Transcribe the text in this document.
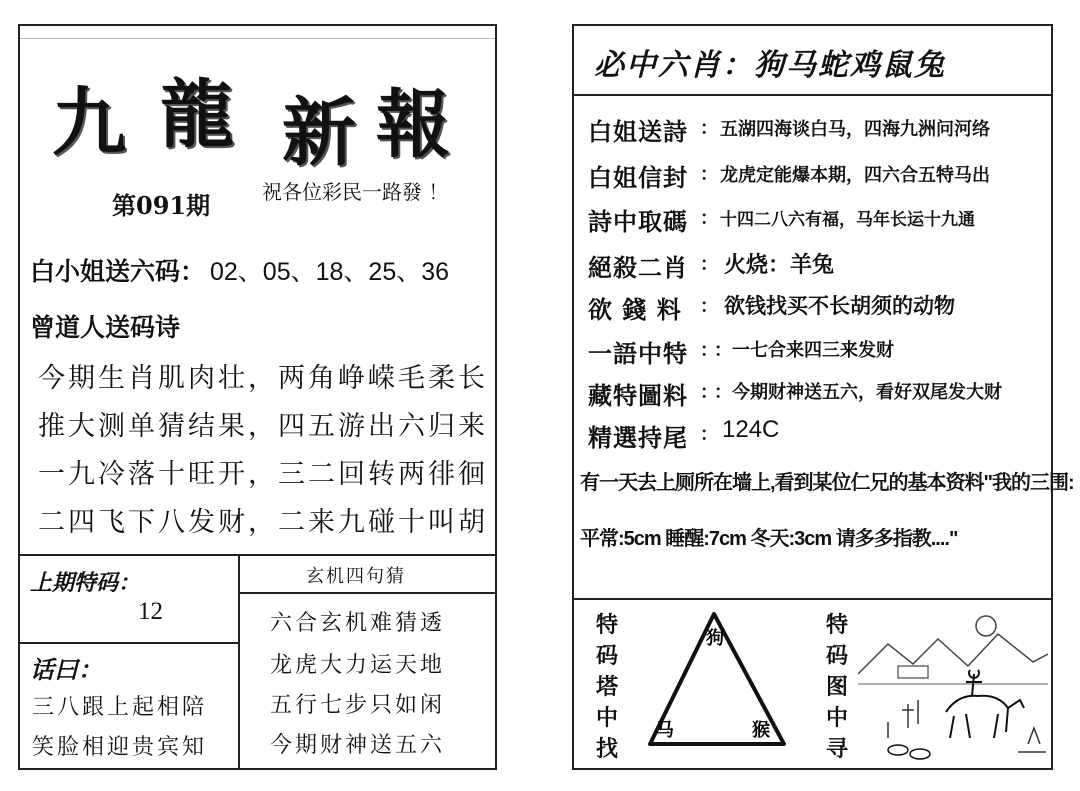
九 龍 新 報
第091期	祝各位彩民一路發 ！
白小姐送六码： 02、05、18、25、36
曾道人送码诗
今期生肖肌肉壮，两角峥嵘毛柔长
推大测单猜结果，四五游出六归来
一九冷落十旺开，三二回转两徘徊
二四飞下八发财，二来九碰十叫胡
上期特码：
12
话曰：
三八跟上起相陪
笑脸相迎贵宾知
玄机四句猜
六合玄机难猜透
龙虎大力运天地
五行七步只如闲
今期财神送五六
必中六肖：狗马蛇鸡鼠兔
白姐送詩 ： 五湖四海谈白马，四海九洲问河络
白姐信封 ： 龙虎定能爆本期，四六合五特马出
詩中取碼 ： 十四二八六有福，马年长运十九通
絕殺二肖 ： 火烧：羊兔
欲 錢 料 ： 欲钱找买不长胡须的动物
一語中特 ：
：一七合来四三来发财
藏特圖料 ：
：今期财神送五六，看好双尾发大财
精選持尾 ： 124C
有一天去上厕所在墙上,看到某位仁兄的基本资料"我的三围:
平常:5cm 睡醒:7cm 冬天:3cm 请多多指教...."
特码塔中找
狗
马	猴
特码图中寻
